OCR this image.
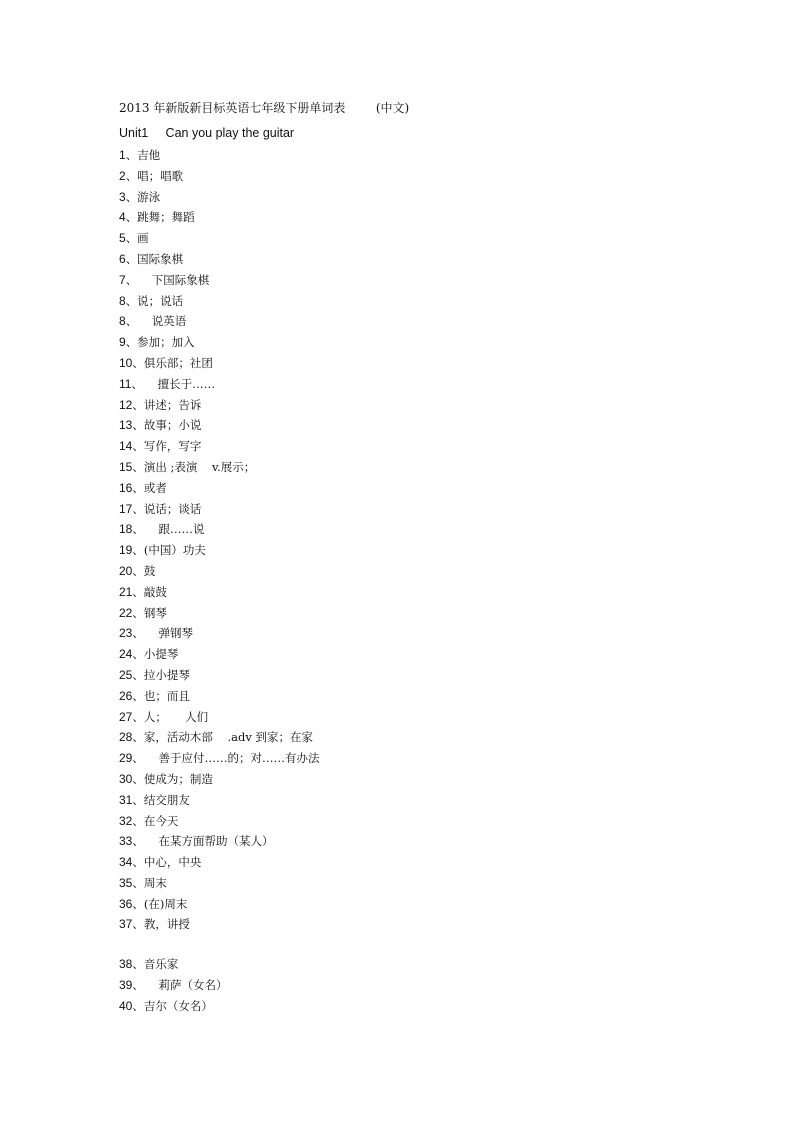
2013 年新版新目标英语七年级下册单词表        (中文)
Unit1     Can you play the guitar
1、吉他
2、唱；唱歌
3、游泳
4、跳舞；舞蹈
5、画
6、国际象棋
7、    下国际象棋
8、说；说话
8、    说英语
9、参加；加入
10、俱乐部；社团
11、    擅长于……
12、讲述；告诉
13、故事；小说
14、写作，写字
15、演出 ;表演    v.展示；
16、或者
17、说话；谈话
18、    跟……说
19、(中国）功夫
20、鼓
21、敲鼓
22、钢琴
23、    弹钢琴
24、小提琴
25、拉小提琴
26、也；而且
27、人；     人们
28、家，活动木部    .adv 到家；在家
29、    善于应付……的；对……有办法
30、使成为；制造
31、结交朋友
32、在今天
33、    在某方面帮助（某人）
34、中心，中央
35、周末
36、(在)周末
37、教，讲授
38、音乐家
39、    莉萨（女名）
40、吉尔（女名）
